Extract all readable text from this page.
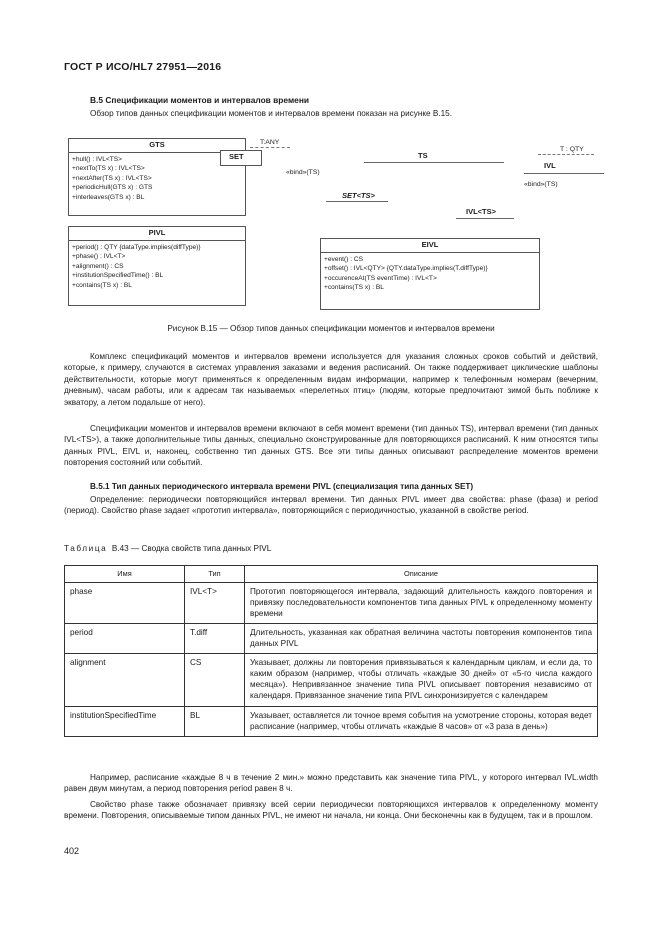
ГОСТ Р ИСО/HL7 27951—2016
В.5 Спецификации моментов и интервалов времени
Обзор типов данных спецификации моментов и интервалов времени показан на рисунке В.15.
GTS
+hull() : IVL<TS>
+nextTo(TS x) : IVL<TS>
+nextAfter(TS x) : IVL<TS>
+periodicHull(GTS x) : GTS
+interleaves(GTS x) : BL
PIVL
+period() : QTY {dataType.implies(diffType)}
+phase() : IVL<T>
+alignment() : CS
+institutionSpecifiedTime() : BL
+contains(TS x) : BL
EIVL
+event() : CS
+offset() : IVL<QTY> {QTY.dataType.implies(T.diffType)}
+occurenceAt(TS eventTime) : IVL<T>
+contains(TS x) : BL
SET
T:ANY
TS
T : QTY
IVL
«bind»(TS)
«bind»(TS)
SET<TS>
IVL<TS>
Рисунок В.15 — Обзор типов данных спецификации моментов и интервалов времени
Комплекс спецификаций моментов и интервалов времени используется для указания сложных сроков событий и действий, которые, к примеру, случаются в системах управления заказами и ведения расписаний. Он также поддерживает циклические шаблоны действительности, которые могут применяться к определенным видам информации, например к телефонным номерам (вечерним, дневным), часам работы, или к адресам так называемых «перелетных птиц» (людям, которые предпочитают зимой быть поближе к экватору, а летом подальше от него).
Спецификации моментов и интервалов времени включают в себя момент времени (тип данных TS), интервал времени (тип данных IVL<TS>), а также дополнительные типы данных, специально сконструированные для повторяющихся расписаний. К ним относятся типы данных PIVL, EIVL и, наконец, собственно тип данных GTS. Все эти типы данных описывают распределение моментов времени повторения состояний или событий.
В.5.1 Тип данных периодического интервала времени PIVL (специализация типа данных SET)
Определение: периодически повторяющийся интервал времени. Тип данных PIVL имеет два свойства: phase (фаза) и period (период). Свойство phase задает «прототип интервала», повторяющийся с периодичностью, указанной в свойстве period.
Таблица В.43 — Сводка свойств типа данных PIVL
Имя	Тип	Описание
phase	IVL<T>	Прототип повторяющегося интервала, задающий длительность каждого повторения и привязку последовательности компонентов типа данных PIVL к определенному моменту времени
period	T.diff	Длительность, указанная как обратная величина частоты повторения компонентов типа данных PIVL
alignment	CS	Указывает, должны ли повторения привязываться к календарным циклам, и если да, то каким образом (например, чтобы отличать «каждые 30 дней» от «5-го числа каждого месяца»). Непривязанное значение типа PIVL описывает повторения независимо от календаря. Привязанное значение типа PIVL синхронизируется с календарем
institutionSpecifiedTime	BL	Указывает, оставляется ли точное время события на усмотрение стороны, которая ведет расписание (например, чтобы отличать «каждые 8 часов» от «3 раза в день»)
Например, расписание «каждые 8 ч в течение 2 мин.» можно представить как значение типа PIVL, у которого интервал IVL.width равен двум минутам, а период повторения period равен 8 ч.
Свойство phase также обозначает привязку всей серии периодически повторяющихся интервалов к определенному моменту времени. Повторения, описываемые типом данных PIVL, не имеют ни начала, ни конца. Они бесконечны как в будущем, так и в прошлом.
402
